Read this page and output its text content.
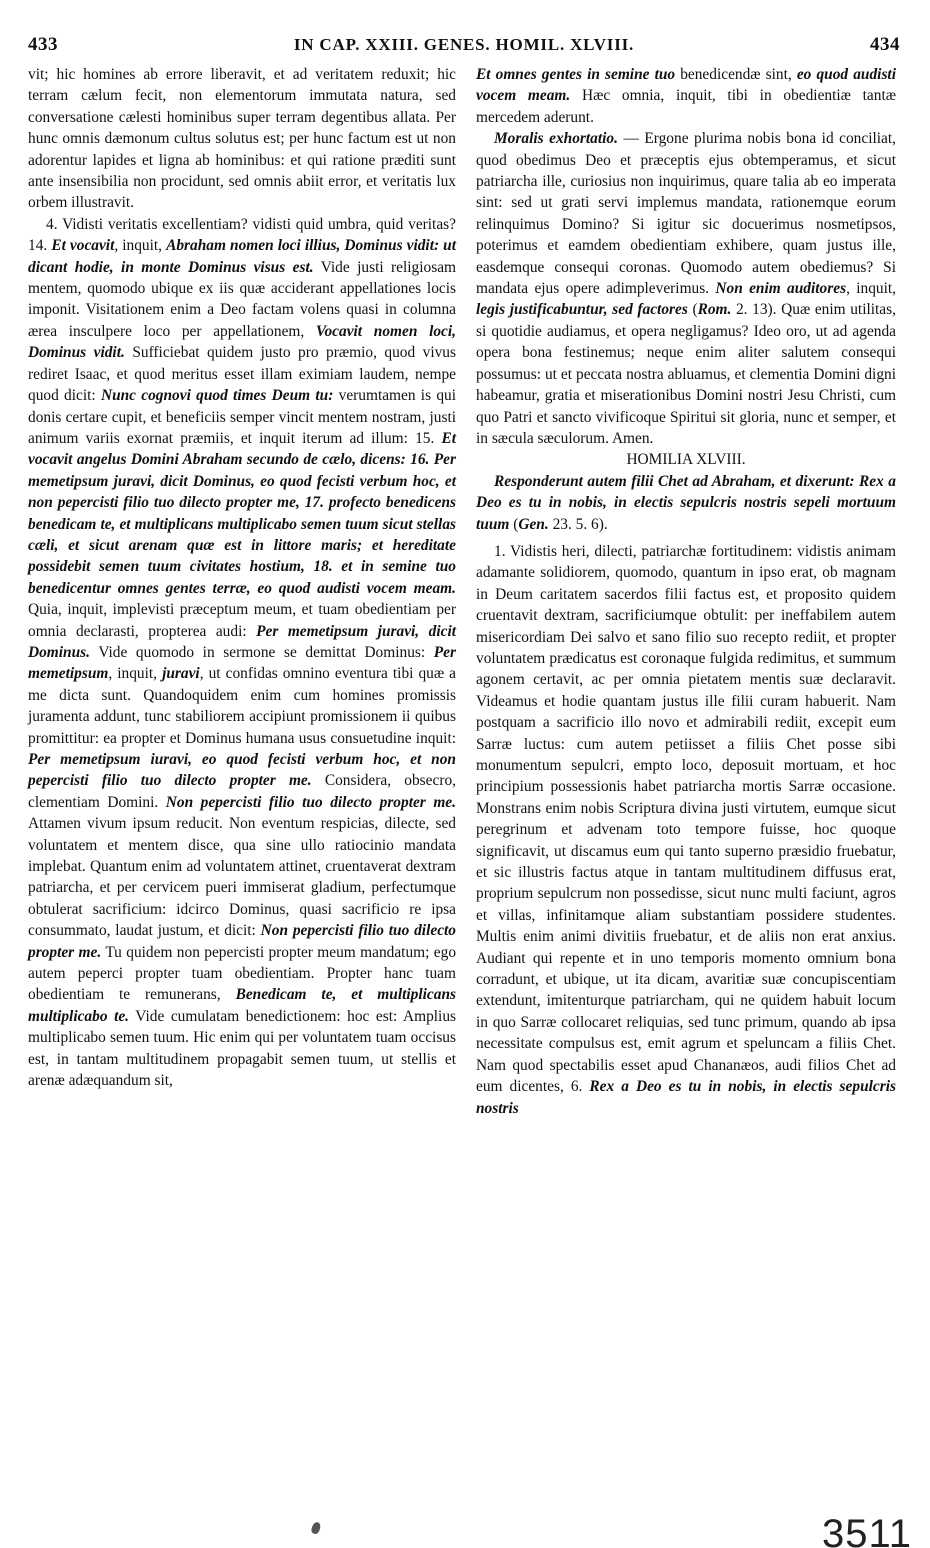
433	IN CAP. XXIII. GENES. HOMIL. XLVIII.	434

vit; hic homines ab errore liberavit, et ad veritatem reduxit; hic terram cælum fecit, non elementorum immutata natura, sed conversatione cælesti hominibus super terram degentibus allata. Per hunc omnis dæmonum cultus solutus est; per hunc factum est ut non adorentur lapides et ligna ab hominibus: et qui ratione præditi sunt ante insensibilia non procidunt, sed omnis abiit error, et veritatis lux orbem illustravit.

4. Vidisti veritatis excellentiam? vidisti quid umbra, quid veritas? 14. Et vocavit, inquit, Abraham nomen loci illius, Dominus vidit: ut dicant hodie, in monte Dominus visus est. Vide justi religiosam mentem, quomodo ubique ex iis quæ acciderant appellationes locis imponit. Visitationem enim a Deo factam volens quasi in columna ærea insculpere loco per appellationem, Vocavit nomen loci, Dominus vidit. Sufficiebat quidem justo pro præmio, quod vivus rediret Isaac, et quod meritus esset illam eximiam laudem, nempe quod dicit: Nunc cognovi quod times Deum tu: verumtamen is qui donis certare cupit, et beneficiis semper vincit mentem nostram, justi animum variis exornat præmiis, et inquit iterum ad illum: 15. Et vocavit angelus Domini Abraham secundo de cælo, dicens: 16. Per memetipsum juravi, dicit Dominus, eo quod fecisti verbum hoc, et non pepercisti filio tuo dilecto propter me, 17. profecto benedicens benedicam te, et multiplicans multiplicabo semen tuum sicut stellas cæli, et sicut arenam quæ est in littore maris; et hereditate possidebit semen tuum civitates hostium, 18. et in semine tuo benedicentur omnes gentes terræ, eo quod audisti vocem meam. Quia, inquit, implevisti præceptum meum, et tuam obedientiam per omnia declarasti, propterea audi: Per memetipsum juravi, dicit Dominus. Vide quomodo in sermone se demittat Dominus: Per memetipsum, inquit, juravi, ut confidas omnino eventura tibi quæ a me dicta sunt. Quandoquidem enim cum homines promissis juramenta addunt, tunc stabiliorem accipiunt promissionem ii quibus promittitur: ea propter et Dominus humana usus consuetudine inquit: Per memetipsum iuravi, eo quod fecisti verbum hoc, et non pepercisti filio tuo dilecto propter me. Considera, obsecro, clementiam Domini. Non pepercisti filio tuo dilecto propter me. Attamen vivum ipsum reducit. Non eventum respicias, dilecte, sed voluntatem et mentem disce, qua sine ullo ratiocinio mandata implebat. Quantum enim ad voluntatem attinet, cruentaverat dextram patriarcha, et per cervicem pueri immiserat gladium, perfectumque obtulerat sacrificium: idcirco Dominus, quasi sacrificio re ipsa consummato, laudat justum, et dicit: Non pepercisti filio tuo dilecto propter me. Tu quidem non pepercisti propter meum mandatum; ego autem peperci propter tuam obedientiam. Propter hanc tuam obedientiam te remunerans, Benedicam te, et multiplicans multiplicabo te. Vide cumulatam benedictionem: hoc est: Amplius multiplicabo semen tuum. Hic enim qui per voluntatem tuam occisus est, in tantam multitudinem propagabit semen tuum, ut stellis et arenæ adæquandum sit,

Et omnes gentes in semine tuo benedicendæ sint, eo quod audisti vocem meam. Hæc omnia, inquit, tibi in obedientiæ tantæ mercedem aderunt.

Moralis exhortatio. — Ergone plurima nobis bona id conciliat, quod obedimus Deo et præceptis ejus obtemperamus, et sicut patriarcha ille, curiosius non inquirimus, quare talia ab eo imperata sint: sed ut grati servi implemus mandata, rationemque eorum relinquimus Domino? Si igitur sic docuerimus nosmetipsos, poterimus et eamdem obedientiam exhibere, quam justus ille, easdemque consequi coronas. Quomodo autem obediemus? Si mandata ejus opere adimpleverimus. Non enim auditores, inquit, legis justificabuntur, sed factores (Rom. 2. 13). Quæ enim utilitas, si quotidie audiamus, et opera negligamus? Ideo oro, ut ad agenda opera bona festinemus; neque enim aliter salutem consequi possumus: ut et peccata nostra abluamus, et clementia Domini digni habeamur, gratia et miserationibus Domini nostri Jesu Christi, cum quo Patri et sancto vivificoque Spiritui sit gloria, nunc et semper, et in sæcula sæculorum. Amen.

HOMILIA XLVIII.

Responderunt autem filii Chet ad Abraham, et dixerunt: Rex a Deo es tu in nobis, in electis sepulcris nostris sepeli mortuum tuum (Gen. 23. 5. 6).

1. Vidistis heri, dilecti, patriarchæ fortitudinem: vidistis animam adamante solidiorem, quomodo, quantum in ipso erat, ob magnam in Deum caritatem sacerdos filii factus est, et proposito quidem cruentavit dextram, sacrificiumque obtulit: per ineffabilem autem misericordiam Dei salvo et sano filio suo recepto rediit, et propter voluntatem prædicatus est coronaque fulgida redimitus, et summum agonem certavit, ac per omnia pietatem mentis suæ declaravit. Videamus et hodie quantam justus ille filii curam habuerit. Nam postquam a sacrificio illo novo et admirabili rediit, excepit eum Sarræ luctus: cum autem petiisset a filiis Chet posse sibi monumentum sepulcri, empto loco, deposuit mortuam, et hoc principium possessionis habet patriarcha mortis Sarræ occasione. Monstrans enim nobis Scriptura divina justi virtutem, eumque sicut peregrinum et advenam toto tempore fuisse, hoc quoque significavit, ut discamus eum qui tanto superno præsidio fruebatur, et sic illustris factus atque in tantam multitudinem diffusus erat, proprium sepulcrum non possedisse, sicut nunc multi faciunt, agros et villas, infinitamque aliam substantiam possidere studentes. Multis enim animi divitiis fruebatur, et de aliis non erat anxius. Audiant qui repente et in uno temporis momento omnium bona corradunt, et ubique, ut ita dicam, avaritiæ suæ concupiscentiam extendunt, imitenturque patriarcham, qui ne quidem habuit locum in quo Sarræ collocaret reliquias, sed tunc primum, quando ab ipsa necessitate compulsus est, emit agrum et speluncam a filiis Chet. Nam quod spectabilis esset apud Chananæos, audi filios Chet ad eum dicentes, 6. Rex a Deo es tu in nobis, in electis sepulcris nostris

3511
